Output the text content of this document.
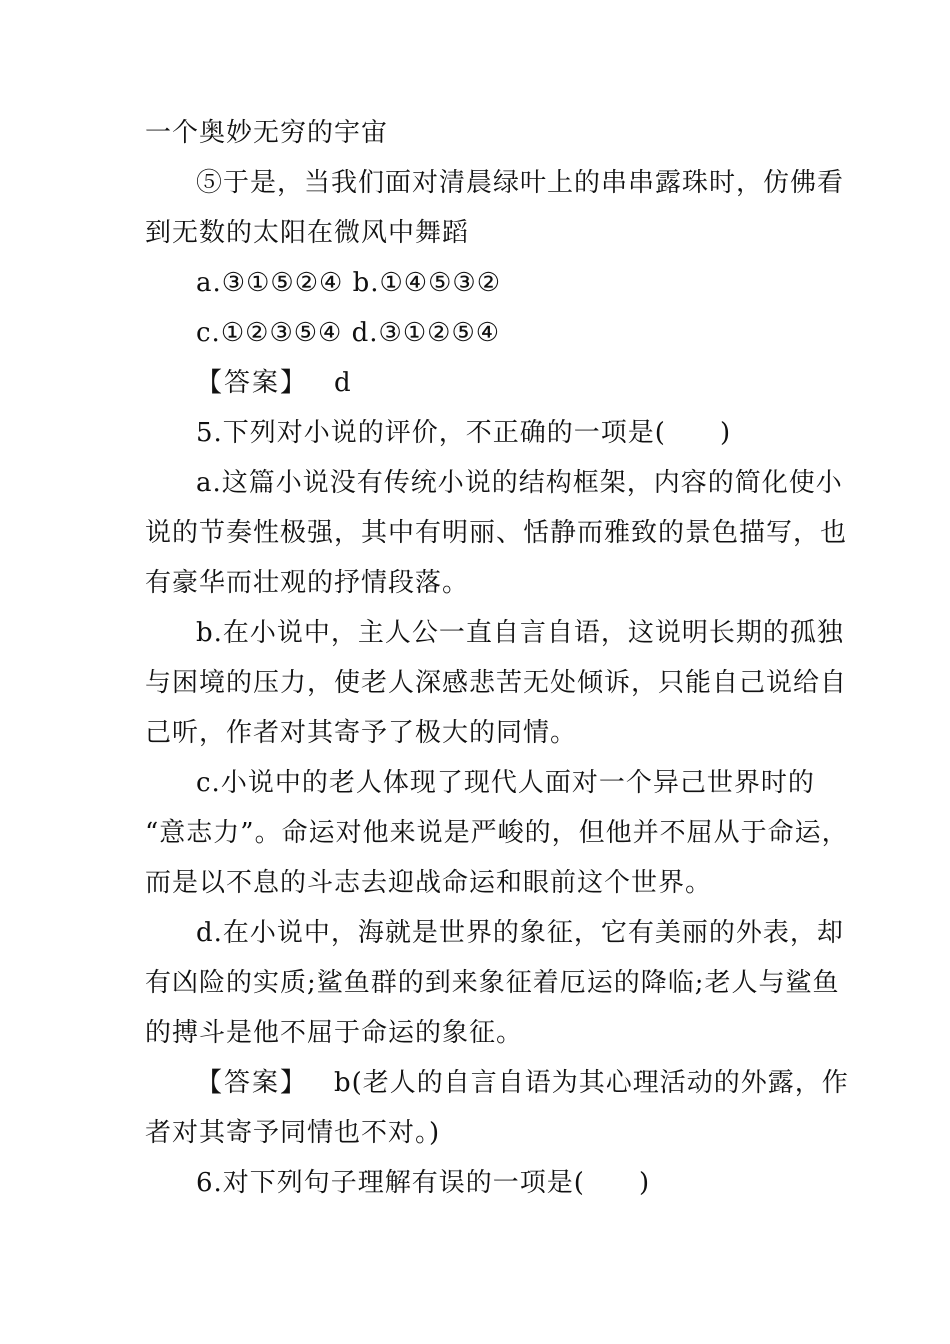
一个奥妙无穷的宇宙
⑤于是，当我们面对清晨绿叶上的串串露珠时，仿佛看
到无数的太阳在微风中舞蹈
a.③①⑤②④ b.①④⑤③②
c.①②③⑤④ d.③①②⑤④
【答案】 d
5.下列对小说的评价，不正确的一项是(　　)
a.这篇小说没有传统小说的结构框架，内容的简化使小
说的节奏性极强，其中有明丽、恬静而雅致的景色描写，也
有豪华而壮观的抒情段落。
b.在小说中，主人公一直自言自语，这说明长期的孤独
与困境的压力，使老人深感悲苦无处倾诉，只能自己说给自
己听，作者对其寄予了极大的同情。
c.小说中的老人体现了现代人面对一个异己世界时的
“意志力”。命运对他来说是严峻的，但他并不屈从于命运，
而是以不息的斗志去迎战命运和眼前这个世界。
d.在小说中，海就是世界的象征，它有美丽的外表，却
有凶险的实质;鲨鱼群的到来象征着厄运的降临;老人与鲨鱼
的搏斗是他不屈于命运的象征。
【答案】 b(老人的自言自语为其心理活动的外露，作
者对其寄予同情也不对。)
6.对下列句子理解有误的一项是(　　)
